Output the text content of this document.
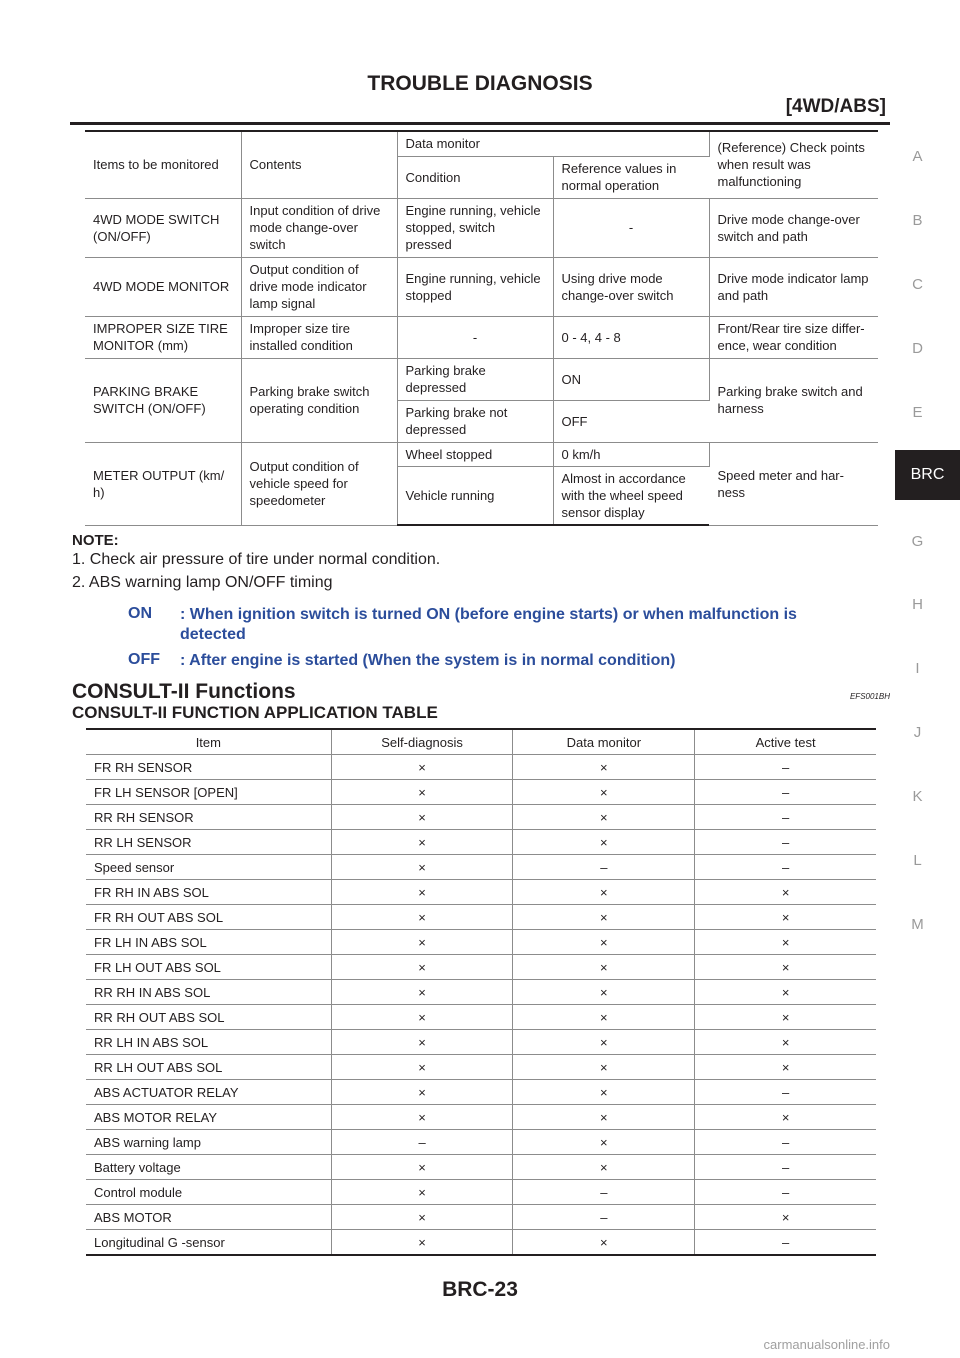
TROUBLE DIAGNOSIS
[4WD/ABS]
A
B
C
D
E
BRC
G
H
I
J
K
L
M
Items to be monitored	Contents	Data monitor		(Reference) Check points when result was malfunctioning
		Condition	Reference values in normal operation	
4WD MODE SWITCH (ON/OFF)	Input condition of drive mode change-over switch	Engine running, vehicle stopped, switch pressed	-	Drive mode change-over switch and path
4WD MODE MONITOR	Output condition of drive mode indicator lamp signal	Engine running, vehicle stopped	Using drive mode change-over switch	Drive mode indicator lamp and path
IMPROPER SIZE TIRE MONITOR (mm)	Improper size tire installed condition	-	0 - 4, 4 - 8	Front/Rear tire size differ- ence, wear condition
PARKING BRAKE SWITCH (ON/OFF)	Parking brake switch operating condition	Parking brake depressed	ON	Parking brake switch and harness
		Parking brake not depressed	OFF	
METER OUTPUT (km/ h)	Output condition of vehicle speed for speedometer	Wheel stopped	0 km/h	Speed meter and har- ness
		Vehicle running	Almost in accordance with the wheel speed sensor display	
NOTE:
1. Check air pressure of tire under normal condition.
2. ABS warning lamp ON/OFF timing
ON : When ignition switch is turned ON (before engine starts) or when malfunction is detected
OFF : After engine is started (When the system is in normal condition)
CONSULT-II Functions	EFS001BH
CONSULT-II FUNCTION APPLICATION TABLE
Item	Self-diagnosis	Data monitor	Active test
FR RH SENSOR	×	×	–
FR LH SENSOR [OPEN]	×	×	–
RR RH SENSOR	×	×	–
RR LH SENSOR	×	×	–
Speed sensor	×	–	–
FR RH IN ABS SOL	×	×	×
FR RH OUT ABS SOL	×	×	×
FR LH IN ABS SOL	×	×	×
FR LH OUT ABS SOL	×	×	×
RR RH IN ABS SOL	×	×	×
RR RH OUT ABS SOL	×	×	×
RR LH IN ABS SOL	×	×	×
RR LH OUT ABS SOL	×	×	×
ABS ACTUATOR RELAY	×	×	–
ABS MOTOR RELAY	×	×	×
ABS warning lamp	–	×	–
Battery voltage	×	×	–
Control module	×	–	–
ABS MOTOR	×	–	×
Longitudinal G -sensor	×	×	–
BRC-23
carmanualsonline.info
